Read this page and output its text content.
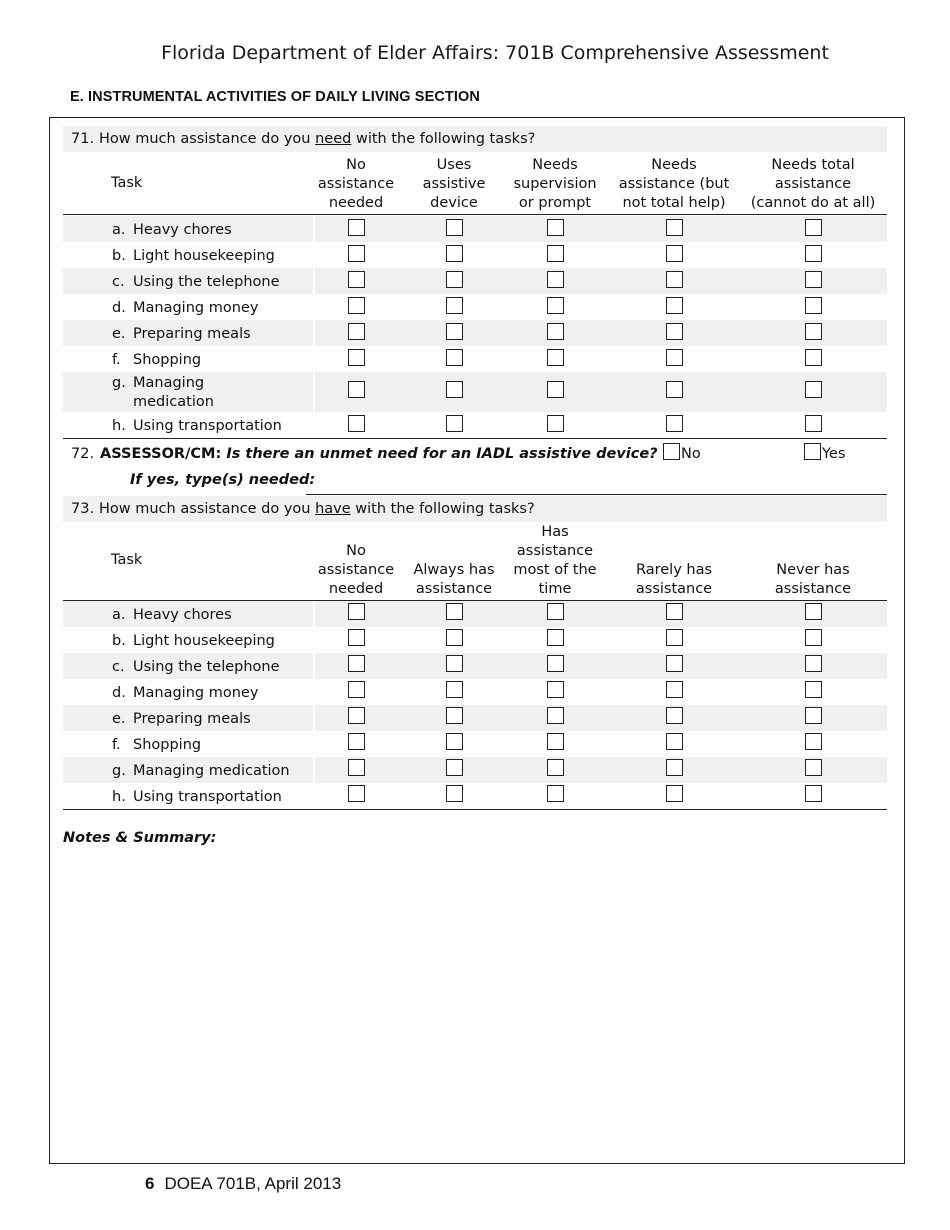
Florida Department of Elder Affairs: 701B Comprehensive Assessment
E. INSTRUMENTAL ACTIVITIES OF DAILY LIVING SECTION
71. How much assistance do you need with the following tasks?
Task
No
assistance
needed
Uses
assistive
device
Needs
supervision
or prompt
Needs
assistance (but
not total help)
Needs total
assistance
(cannot do at all)
a. Heavy chores
b. Light housekeeping
c. Using the telephone
d. Managing money
e. Preparing meals
f. Shopping
g. Managing
medication
h. Using transportation
72. ASSESSOR/CM: Is there an unmet need for an IADL assistive device?	No	Yes
If yes, type(s) needed:
73. How much assistance do you have with the following tasks?
Task
No
assistance
needed
Always has
assistance
Has
assistance
most of the
time
Rarely has
assistance
Never has
assistance
a. Heavy chores
b. Light housekeeping
c. Using the telephone
d. Managing money
e. Preparing meals
f. Shopping
g. Managing medication
h. Using transportation
Notes & Summary:
6 DOEA 701B, April 2013
